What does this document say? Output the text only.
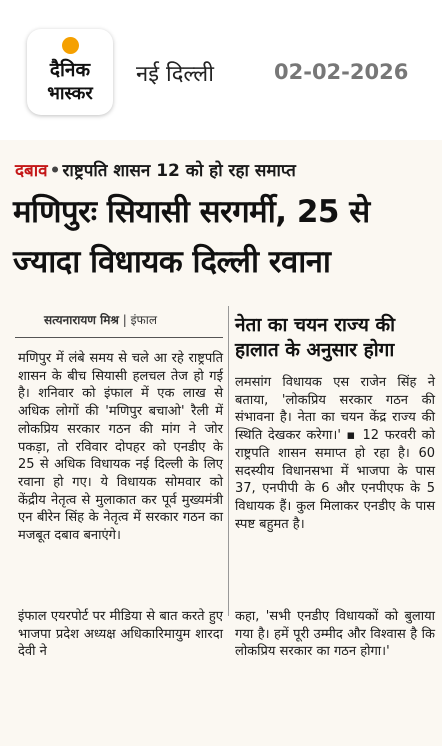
दैनिक
भास्कर
नई दिल्ली	02-02-2026
दबाव • राष्ट्रपति शासन 12 को हो रहा समाप्त
मणिपुरः सियासी सरगर्मी, 25 से
ज्यादा विधायक दिल्ली रवाना
सत्यनारायण मिश्र | इंफाल

मणिपुर में लंबे समय से चले आ रहे राष्ट्रपति शासन के बीच सियासी हलचल तेज हो गई है। शनिवार को इंफाल में एक लाख से अधिक लोगों की 'मणिपुर बचाओ' रैली में लोकप्रिय सरकार गठन की मांग ने जोर पकड़ा, तो रविवार दोपहर को एनडीए के 25 से अधिक विधायक नई दिल्ली के लिए रवाना हो गए। ये विधायक सोमवार को केंद्रीय नेतृत्व से मुलाकात कर पूर्व मुख्यमंत्री एन बीरेन सिंह के नेतृत्व में सरकार गठन का मजबूत दबाव बनाएंगे।

इंफाल एयरपोर्ट पर मीडिया से बात करते हुए भाजपा प्रदेश अध्यक्ष अधिकारिमायुम शारदा देवी ने

नेता का चयन राज्य की हालात के अनुसार होगा

लमसांग विधायक एस राजेन सिंह ने बताया, 'लोकप्रिय सरकार गठन की संभावना है। नेता का चयन केंद्र राज्य की स्थिति देखकर करेगा।' ▪ 12 फरवरी को राष्ट्रपति शासन समाप्त हो रहा है। 60 सदस्यीय विधानसभा में भाजपा के पास 37, एनपीपी के 6 और एनपीएफ के 5 विधायक हैं। कुल मिलाकर एनडीए के पास स्पष्ट बहुमत है।

कहा, 'सभी एनडीए विधायकों को बुलाया गया है। हमें पूरी उम्मीद और विश्वास है कि लोकप्रिय सरकार का गठन होगा।'
